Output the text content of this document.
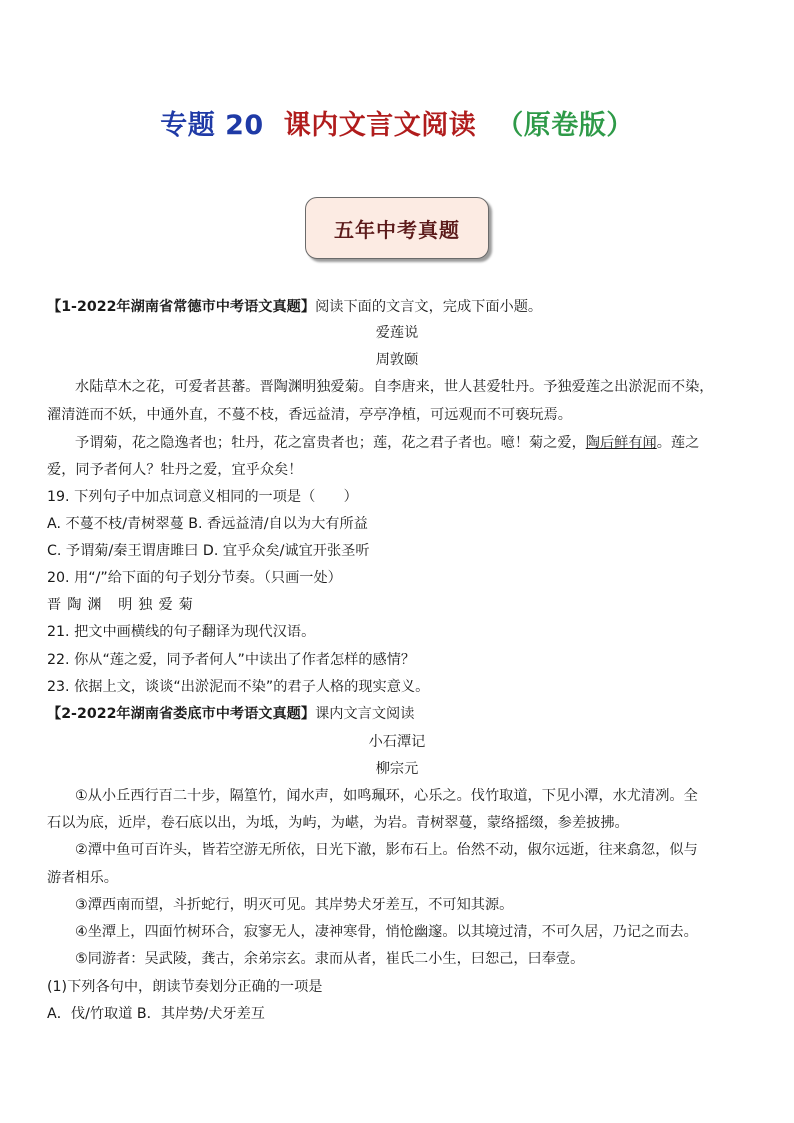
专题 20 课内文言文阅读 （原卷版）
五年中考真题
【1-2022年湖南省常德市中考语文真题】阅读下面的文言文，完成下面小题。
爱莲说
周敦颐
水陆草木之花，可爱者甚蕃。晋陶渊明独爱菊。自李唐来，世人甚爱牡丹。予独爱莲之出淤泥而不染，
濯清涟而不妖，中通外直，不蔓不枝，香远益清，亭亭净植，可远观而不可亵玩焉。
予谓菊，花之隐逸者也；牡丹，花之富贵者也；莲，花之君子者也。噫！菊之爱，陶后鲜有闻。莲之
爱，同予者何人？牡丹之爱，宜乎众矣！
19. 下列句子中加点词意义相同的一项是（　　）
A. 不蔓不枝/青树翠蔓 B. 香远益清/自以为大有所益
C. 予谓菊/秦王谓唐雎曰 D. 宜乎众矣/诚宜开张圣听
20. 用“/”给下面的句子划分节奏。（只画一处）
晋陶渊 明独爱菊
21. 把文中画横线的句子翻译为现代汉语。
22. 你从“莲之爱，同予者何人”中读出了作者怎样的感情？
23. 依据上文，谈谈“出淤泥而不染”的君子人格的现实意义。
【2-2022年湖南省娄底市中考语文真题】课内文言文阅读
小石潭记
柳宗元
①从小丘西行百二十步，隔篁竹，闻水声，如鸣珮环，心乐之。伐竹取道，下见小潭，水尤清冽。全
石以为底，近岸，卷石底以出，为坻，为屿，为嵁，为岩。青树翠蔓，蒙络摇缀，参差披拂。
②潭中鱼可百许头，皆若空游无所依，日光下澈，影布石上。佁然不动，俶尔远逝，往来翕忽，似与
游者相乐。
③潭西南而望，斗折蛇行，明灭可见。其岸势犬牙差互，不可知其源。
④坐潭上，四面竹树环合，寂寥无人，凄神寒骨，悄怆幽邃。以其境过清，不可久居，乃记之而去。
⑤同游者：吴武陵，龚古，余弟宗玄。隶而从者，崔氏二小生，曰恕己，曰奉壹。
(1)下列各句中，朗读节奏划分正确的一项是
A．伐/竹取道 B．其岸势/犬牙差互
